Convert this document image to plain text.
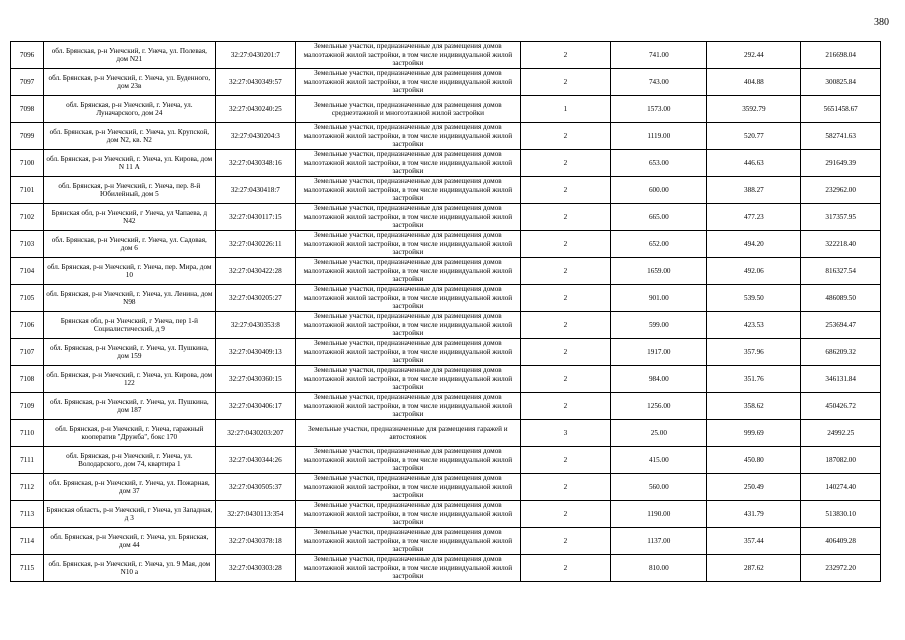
380
7096	обл. Брянская, р-н Унечский, г. Унеча, ул. Полевая, дом N21	32:27:0430201:7	Земельные участки, предназначенные для размещения домов малоэтажной жилой застройки, в том числе индивидуальной жилой застройки	2	741.00	292.44	216698.04
7097	обл. Брянская, р-н Унечский, г. Унеча, ул. Буденного, дом 23в	32:27:0430349:57	Земельные участки, предназначенные для размещения домов малоэтажной жилой застройки, в том числе индивидуальной жилой застройки	2	743.00	404.88	300825.84
7098	обл. Брянская, р-н Унечский, г. Унеча, ул. Луначарского, дом 24	32:27:0430240:25	Земельные участки, предназначенные для размещения домов среднеэтажной и многоэтажной жилой застройки	1	1573.00	3592.79	5651458.67
7099	обл. Брянская, р-н Унечский, г. Унеча, ул. Крупской, дом N2, кв. N2	32:27:0430204:3	Земельные участки, предназначенные для размещения домов малоэтажной жилой застройки, в том числе индивидуальной жилой застройки	2	1119.00	520.77	582741.63
7100	обл. Брянская, р-н Унечский, г. Унеча, ул. Кирова, дом N 11 А	32:27:0430348:16	Земельные участки, предназначенные для размещения домов малоэтажной жилой застройки, в том числе индивидуальной жилой застройки	2	653.00	446.63	291649.39
7101	обл. Брянская, р-н Унечский, г. Унеча, пер. 8-й Юбилейный, дом 5	32:27:0430418:7	Земельные участки, предназначенные для размещения домов малоэтажной жилой застройки, в том числе индивидуальной жилой застройки	2	600.00	388.27	232962.00
7102	Брянская обл, р-н Унечский, г Унеча, ул Чапаева, д N42	32:27:0430117:15	Земельные участки, предназначенные для размещения домов малоэтажной жилой застройки, в том числе индивидуальной жилой застройки	2	665.00	477.23	317357.95
7103	обл. Брянская, р-н Унечский, г. Унеча, ул. Садовая, дом 6	32:27:0430226:11	Земельные участки, предназначенные для размещения домов малоэтажной жилой застройки, в том числе индивидуальной жилой застройки	2	652.00	494.20	322218.40
7104	обл. Брянская, р-н Унечский, г. Унеча, пер. Мира, дом 10	32:27:0430422:28	Земельные участки, предназначенные для размещения домов малоэтажной жилой застройки, в том числе индивидуальной жилой застройки	2	1659.00	492.06	816327.54
7105	обл. Брянская, р-н Унечский, г. Унеча, ул. Ленина, дом N98	32:27:0430205:27	Земельные участки, предназначенные для размещения домов малоэтажной жилой застройки, в том числе индивидуальной жилой застройки	2	901.00	539.50	486089.50
7106	Брянская обл, р-н Унечский, г Унеча, пер 1-й Социалистический, д 9	32:27:0430353:8	Земельные участки, предназначенные для размещения домов малоэтажной жилой застройки, в том числе индивидуальной жилой застройки	2	599.00	423.53	253694.47
7107	обл. Брянская, р-н Унечский, г. Унеча, ул. Пушкина, дом 159	32:27:0430409:13	Земельные участки, предназначенные для размещения домов малоэтажной жилой застройки, в том числе индивидуальной жилой застройки	2	1917.00	357.96	686209.32
7108	обл. Брянская, р-н Унечский, г. Унеча, ул. Кирова, дом 122	32:27:0430360:15	Земельные участки, предназначенные для размещения домов малоэтажной жилой застройки, в том числе индивидуальной жилой застройки	2	984.00	351.76	346131.84
7109	обл. Брянская, р-н Унечский, г. Унеча, ул. Пушкина, дом 187	32:27:0430406:17	Земельные участки, предназначенные для размещения домов малоэтажной жилой застройки, в том числе индивидуальной жилой застройки	2	1256.00	358.62	450426.72
7110	обл. Брянская, р-н Унечский, г. Унеча, гаражный кооператив "Дружба", бокс 170	32:27:0430203:207	Земельные участки, предназначенные для размещения гаражей и автостоянок	3	25.00	999.69	24992.25
7111	обл. Брянская, р-н Унечский, г. Унеча, ул. Володарского, дом 74, квартира 1	32:27:0430344:26	Земельные участки, предназначенные для размещения домов малоэтажной жилой застройки, в том числе индивидуальной жилой застройки	2	415.00	450.80	187082.00
7112	обл. Брянская, р-н Унечский, г. Унеча, ул. Пожарная, дом 37	32:27:0430505:37	Земельные участки, предназначенные для размещения домов малоэтажной жилой застройки, в том числе индивидуальной жилой застройки	2	560.00	250.49	140274.40
7113	Брянская область, р-н Унечский, г Унеча, ул Западная, д 3	32:27:0430113:354	Земельные участки, предназначенные для размещения домов малоэтажной жилой застройки, в том числе индивидуальной жилой застройки	2	1190.00	431.79	513830.10
7114	обл. Брянская, р-н Унечский, г. Унеча, ул. Брянская, дом 44	32:27:0430378:18	Земельные участки, предназначенные для размещения домов малоэтажной жилой застройки, в том числе индивидуальной жилой застройки	2	1137.00	357.44	406409.28
7115	обл. Брянская, р-н Унечский, г. Унеча, ул. 9 Мая, дом N10 а	32:27:0430303:28	Земельные участки, предназначенные для размещения домов малоэтажной жилой застройки, в том числе индивидуальной жилой застройки	2	810.00	287.62	232972.20
